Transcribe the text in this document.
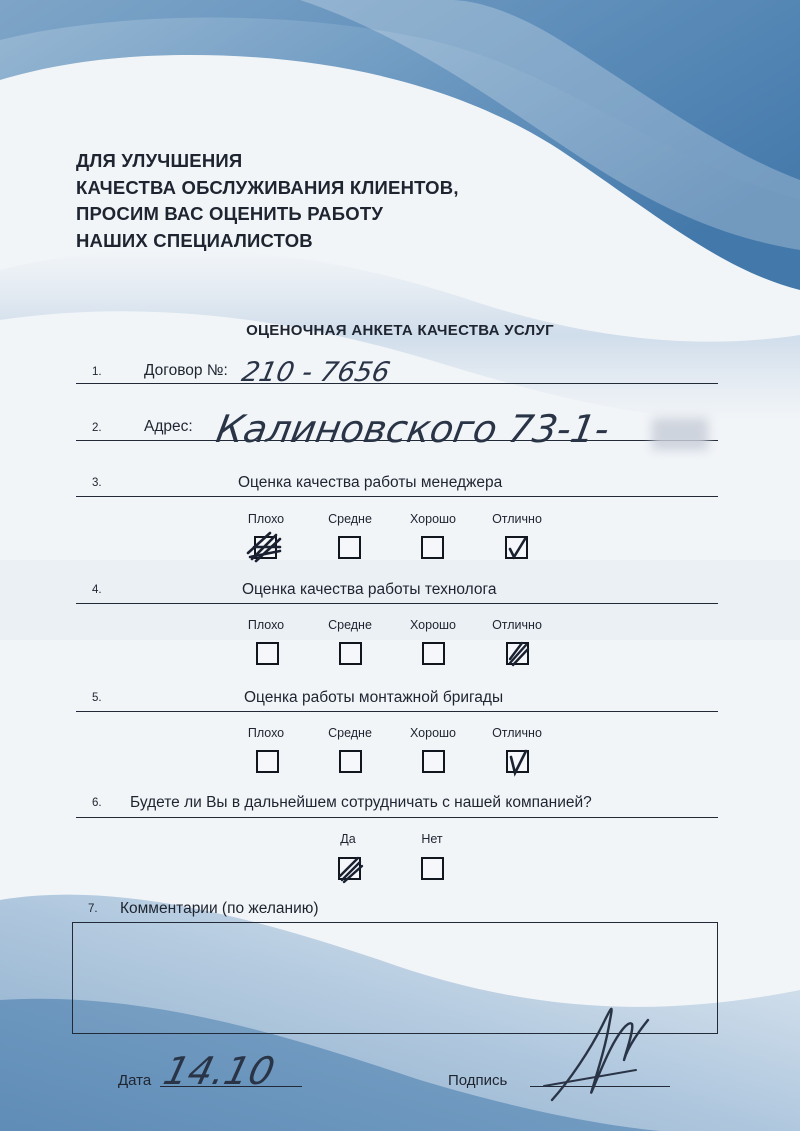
ДЛЯ УЛУЧШЕНИЯ
КАЧЕСТВА ОБСЛУЖИВАНИЯ КЛИЕНТОВ,
ПРОСИМ ВАС ОЦЕНИТЬ РАБОТУ
НАШИХ СПЕЦИАЛИСТОВ
ОЦЕНОЧНАЯ АНКЕТА КАЧЕСТВА УСЛУГ
1.	Договор №: 210 - 7656
2.	Адрес: Калиновского 73-1-
3.	Оценка качества работы менеджера
Плохо	Средне	Хорошо	Отлично
4.	Оценка качества работы технолога
Плохо	Средне	Хорошо	Отлично
5.	Оценка работы монтажной бригады
Плохо	Средне	Хорошо	Отлично
6. Будете ли Вы в дальнейшем сотрудничать с нашей компанией?
Да	Нет
7. Комментарии (по желанию)
Дата 14.10	Подпись
